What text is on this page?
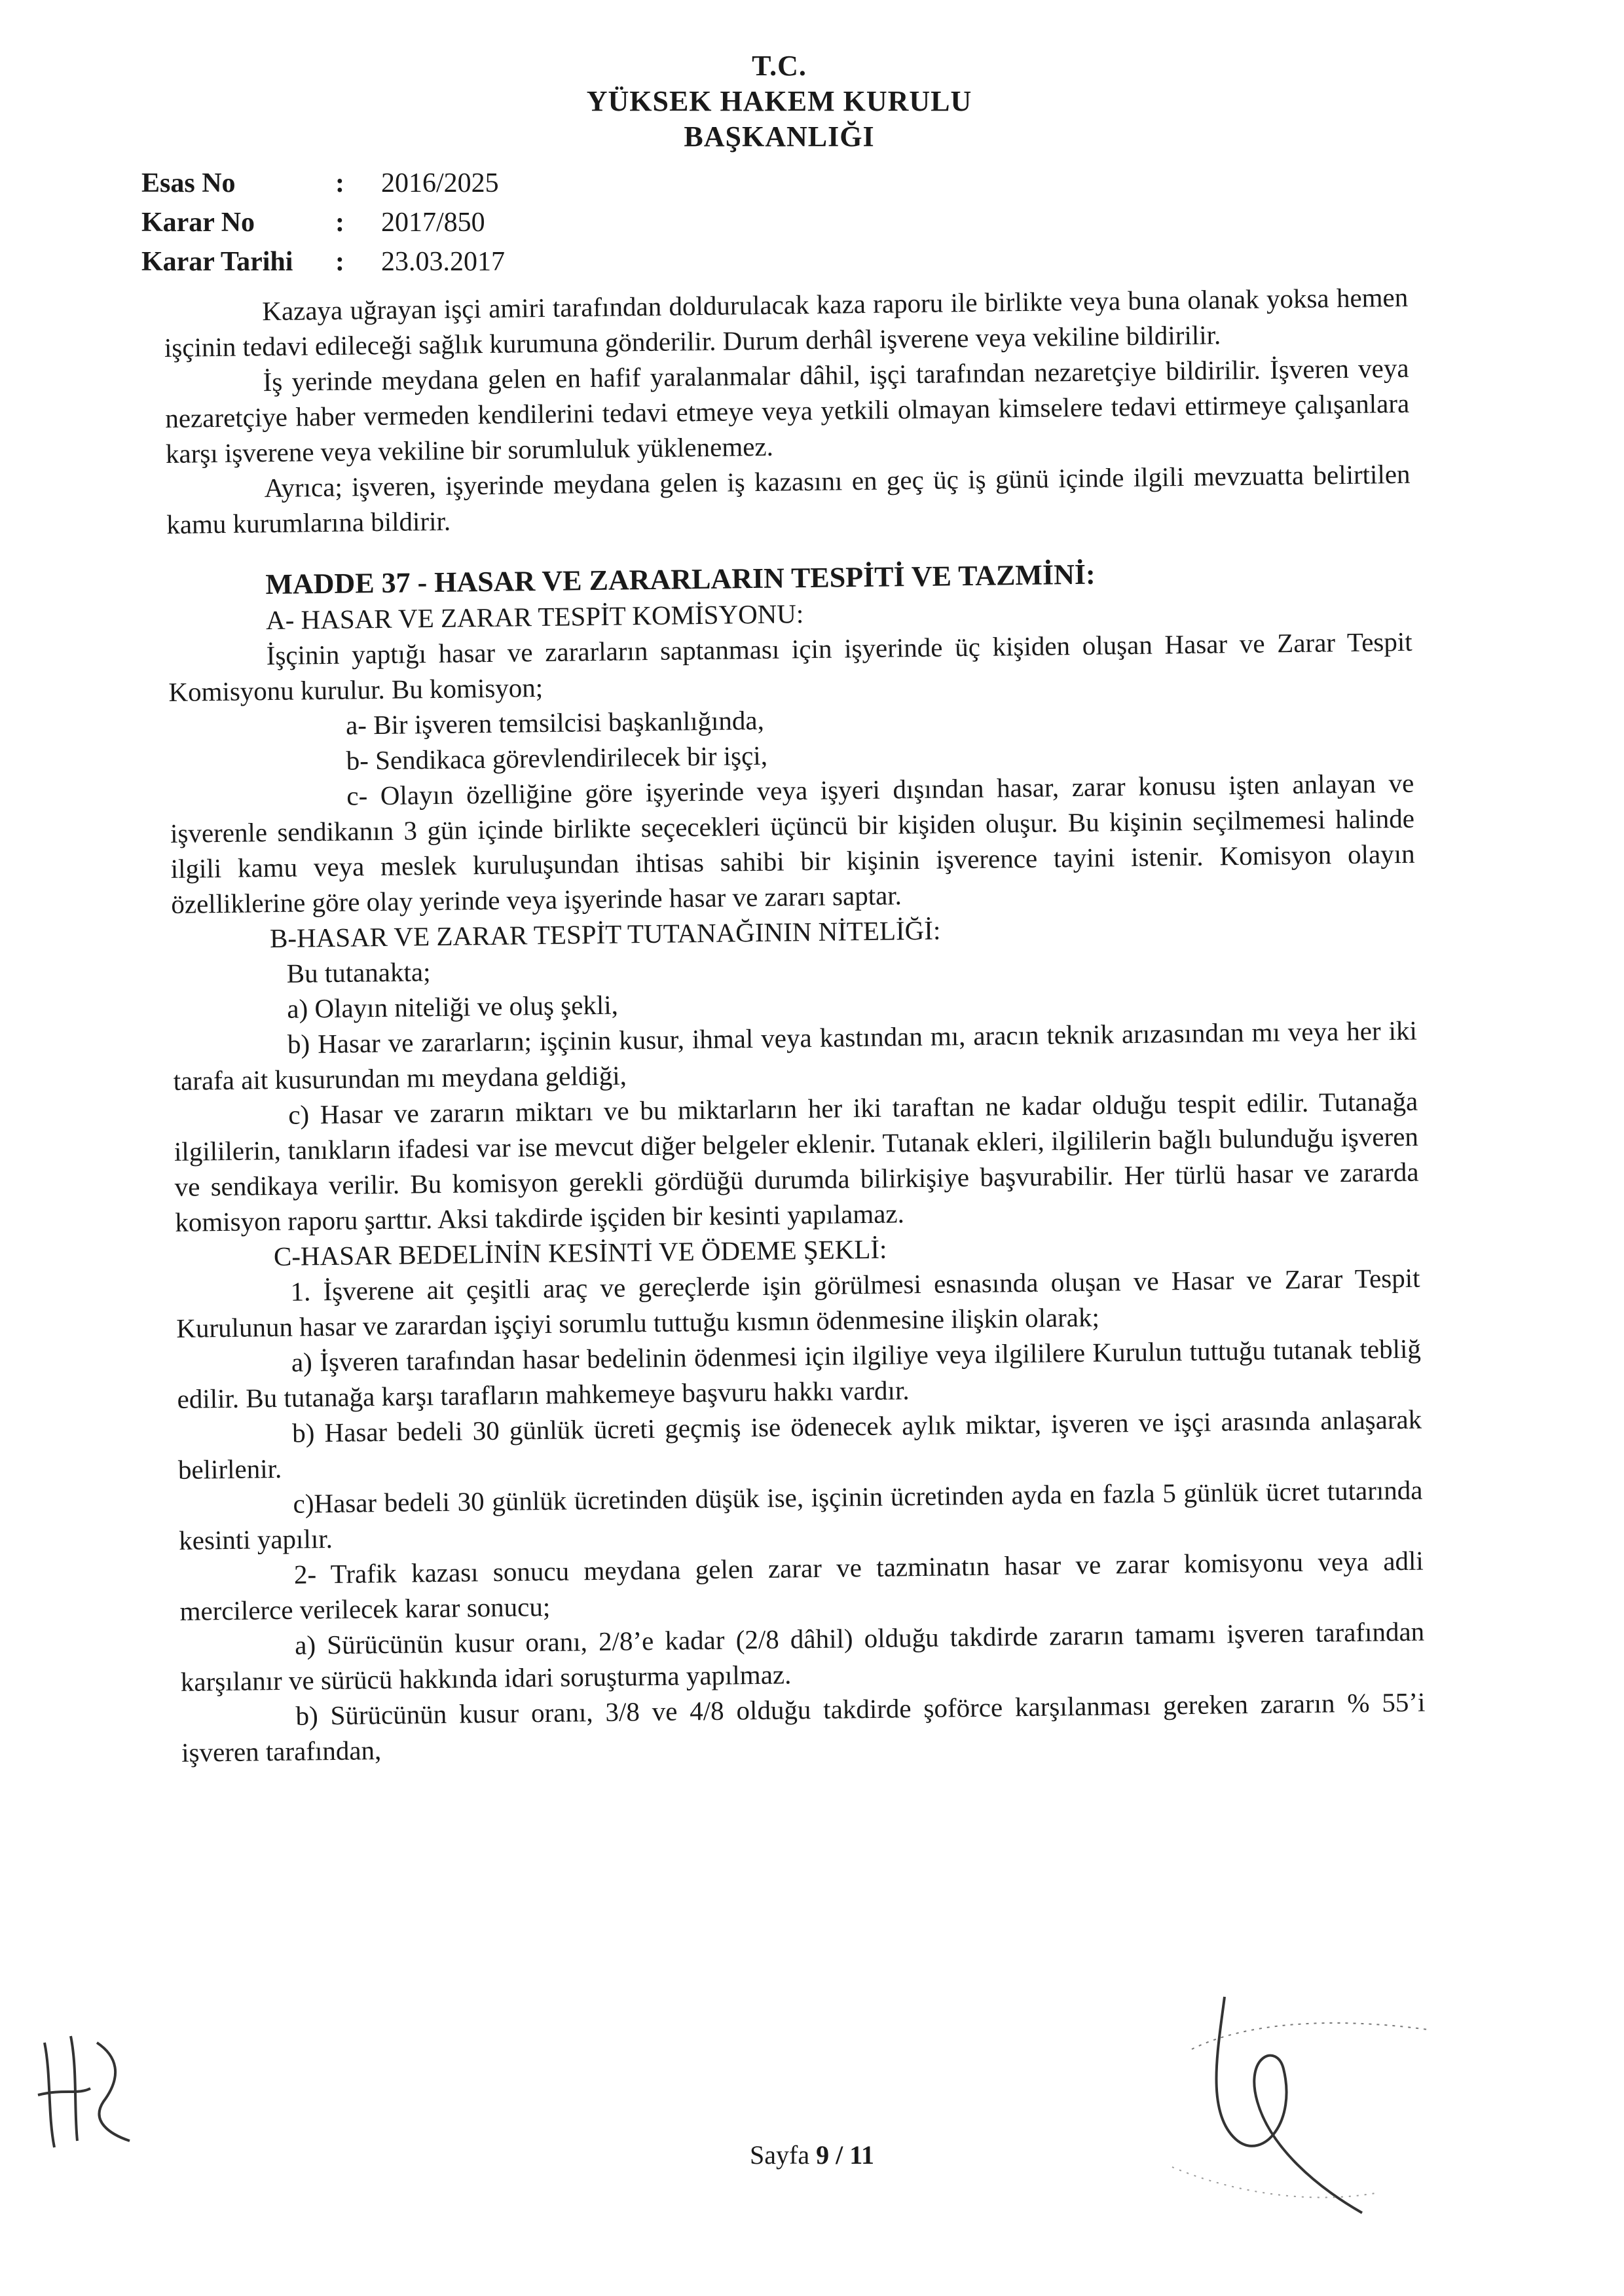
T.C.
YÜKSEK HAKEM KURULU
BAŞKANLIĞI
Esas No	:	2016/2025
Karar No	:	2017/850
Karar Tarihi	:	23.03.2017

Kazaya uğrayan işçi amiri tarafından doldurulacak kaza raporu ile birlikte veya buna olanak yoksa hemen işçinin tedavi edileceği sağlık kurumuna gönderilir. Durum derhâl işverene veya vekiline bildirilir.

İş yerinde meydana gelen en hafif yaralanmalar dâhil, işçi tarafından nezaretçiye bildirilir. İşveren veya nezaretçiye haber vermeden kendilerini tedavi etmeye veya yetkili olmayan kimselere tedavi ettirmeye çalışanlara karşı işverene veya vekiline bir sorumluluk yüklenemez.

Ayrıca; işveren, işyerinde meydana gelen iş kazasını en geç üç iş günü içinde ilgili mevzuatta belirtilen kamu kurumlarına bildirir.

MADDE 37 - HASAR VE ZARARLARIN TESPİTİ VE TAZMİNİ:

A- HASAR VE ZARAR TESPİT KOMİSYONU:

İşçinin yaptığı hasar ve zararların saptanması için işyerinde üç kişiden oluşan Hasar ve Zarar Tespit Komisyonu kurulur. Bu komisyon;

a- Bir işveren temsilcisi başkanlığında,

b- Sendikaca görevlendirilecek bir işçi,

c- Olayın özelliğine göre işyerinde veya işyeri dışından hasar, zarar konusu işten anlayan ve işverenle sendikanın 3 gün içinde birlikte seçecekleri üçüncü bir kişiden oluşur. Bu kişinin seçilmemesi halinde ilgili kamu veya meslek kuruluşundan ihtisas sahibi bir kişinin işverence tayini istenir. Komisyon olayın özelliklerine göre olay yerinde veya işyerinde hasar ve zararı saptar.

B-HASAR VE ZARAR TESPİT TUTANAĞININ NİTELİĞİ:

Bu tutanakta;

a) Olayın niteliği ve oluş şekli,

b) Hasar ve zararların; işçinin kusur, ihmal veya kastından mı, aracın teknik arızasından mı veya her iki tarafa ait kusurundan mı meydana geldiği,

c) Hasar ve zararın miktarı ve bu miktarların her iki taraftan ne kadar olduğu tespit edilir. Tutanağa ilgililerin, tanıkların ifadesi var ise mevcut diğer belgeler eklenir. Tutanak ekleri, ilgililerin bağlı bulunduğu işveren ve sendikaya verilir. Bu komisyon gerekli gördüğü durumda bilirkişiye başvurabilir. Her türlü hasar ve zararda komisyon raporu şarttır. Aksi takdirde işçiden bir kesinti yapılamaz.

C-HASAR BEDELİNİN KESİNTİ VE ÖDEME ŞEKLİ:

1. İşverene ait çeşitli araç ve gereçlerde işin görülmesi esnasında oluşan ve Hasar ve Zarar Tespit Kurulunun hasar ve zarardan işçiyi sorumlu tuttuğu kısmın ödenmesine ilişkin olarak;

a) İşveren tarafından hasar bedelinin ödenmesi için ilgiliye veya ilgililere Kurulun tuttuğu tutanak tebliğ edilir. Bu tutanağa karşı tarafların mahkemeye başvuru hakkı vardır.

b) Hasar bedeli 30 günlük ücreti geçmiş ise ödenecek aylık miktar, işveren ve işçi arasında anlaşarak belirlenir.

c)Hasar bedeli 30 günlük ücretinden düşük ise, işçinin ücretinden ayda en fazla 5 günlük ücret tutarında kesinti yapılır.

2- Trafik kazası sonucu meydana gelen zarar ve tazminatın hasar ve zarar komisyonu veya adli mercilerce verilecek karar sonucu;

a) Sürücünün kusur oranı, 2/8’e kadar (2/8 dâhil) olduğu takdirde zararın tamamı işveren tarafından karşılanır ve sürücü hakkında idari soruşturma yapılmaz.

b) Sürücünün kusur oranı, 3/8 ve 4/8 olduğu takdirde şoförce karşılanması gereken zararın % 55’i işveren tarafından,

Sayfa 9 / 11
